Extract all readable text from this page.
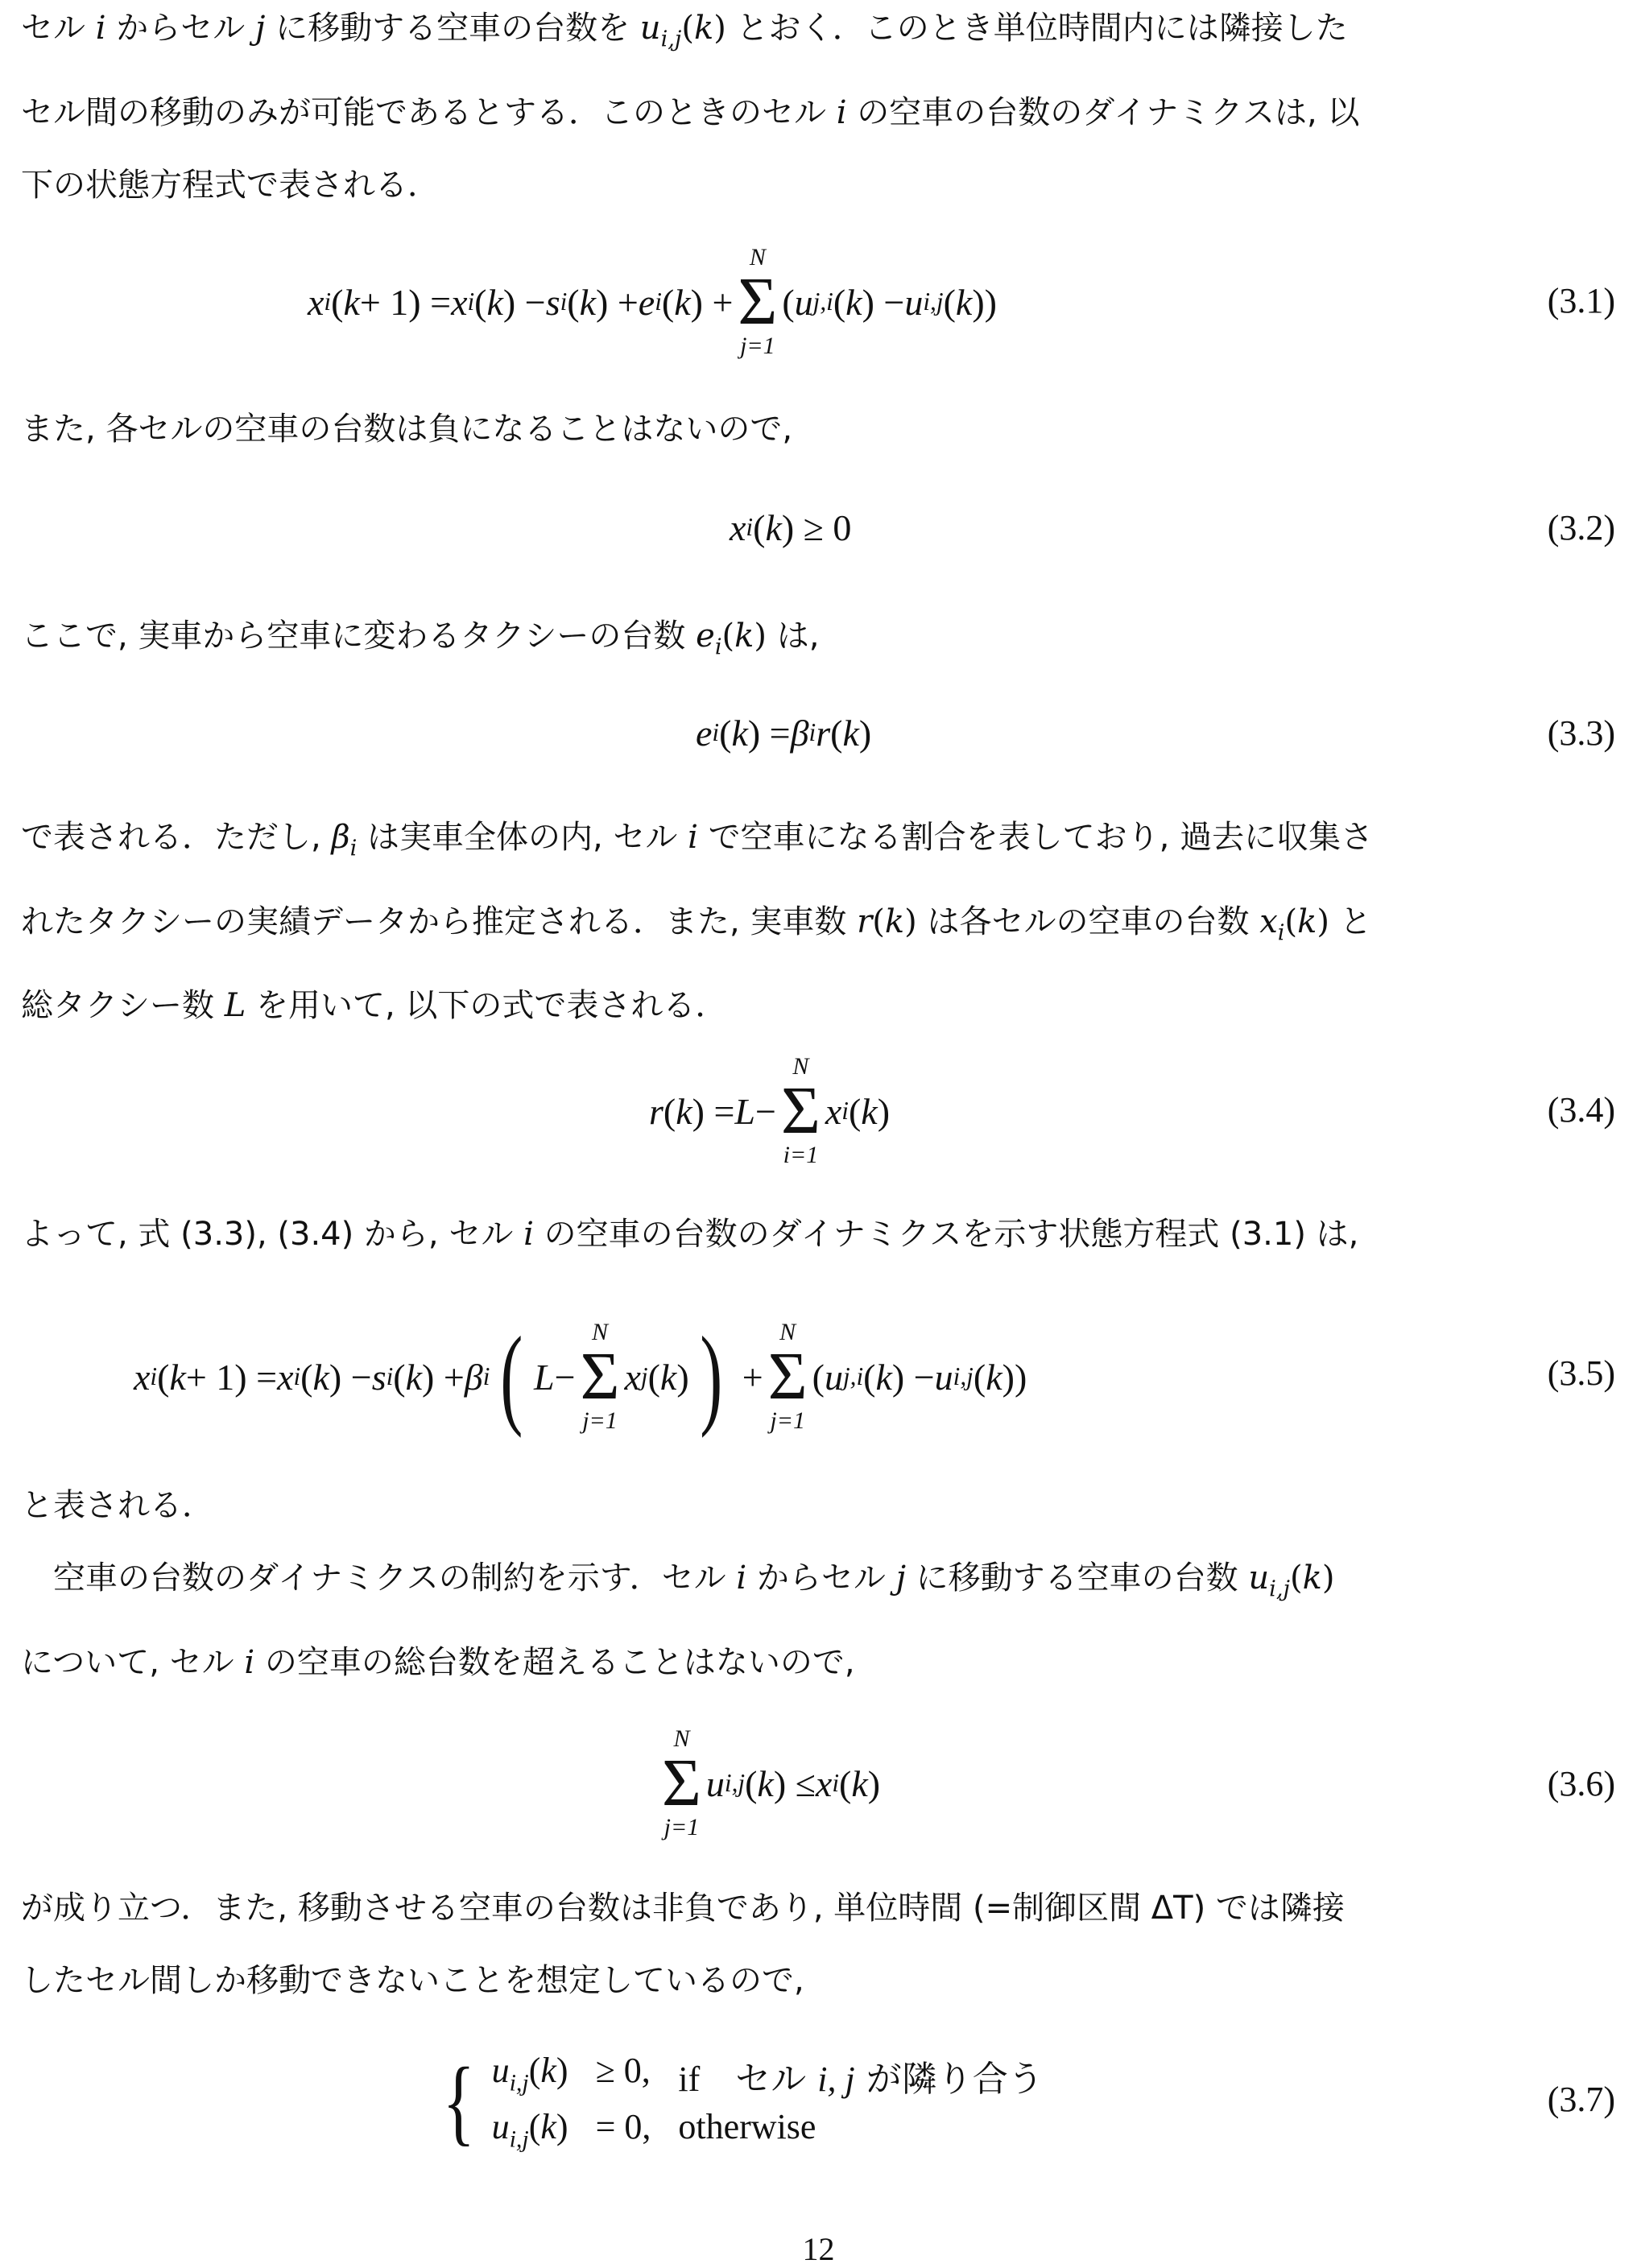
セル i からセル j に移動する空車の台数を $u_{i,j}(k)$ とおく．このとき単位時間内には隣接した
セル間の移動のみが可能であるとする．このときのセル i の空車の台数のダイナミクスは, 以
下の状態方程式で表される．

x i ( k + 1) = x i ( k ) − s i ( k ) + e i ( k ) +
N
Σ
j=1
( u j,i ( k ) − u i,j ( k ))	(3.1)

また, 各セルの空車の台数は負になることはないので,

x i ( k ) ≥ 0	(3.2)

ここで, 実車から空車に変わるタクシーの台数 $e_i(k)$ は,

e i ( k ) = β i r ( k )	(3.3)

で表される．ただし, $\beta_i$ は実車全体の内, セル i で空車になる割合を表しており, 過去に収集さ
れたタクシーの実績データから推定される．また, 実車数 r(k) は各セルの空車の台数 $x_i(k)$ と
総タクシー数 L を用いて, 以下の式で表される．

r ( k ) = L −
N
Σ
i=1
x i ( k )	(3.4)

よって, 式 (3.3), (3.4) から, セル i の空車の台数のダイナミクスを示す状態方程式 (3.1) は,

x i ( k + 1) = x i ( k ) − s i ( k ) + β i ( L −
N
Σ
j=1
x j ( k ) ) +
N
Σ
j=1
( u j,i ( k ) − u i,j ( k ))	(3.5)

と表される．

　空車の台数のダイナミクスの制約を示す．セル i からセル j に移動する空車の台数 $u_{i,j}(k)$
について, セル i の空車の総台数を超えることはないので,

N
Σ
j=1
u i,j ( k ) ≤ x i ( k )	(3.6)

が成り立つ．また, 移動させる空車の台数は非負であり, 単位時間 (=制御区間 ΔT) では隣接
したセル間しか移動できないことを想定しているので,

{ $u_{i,j}(k) \ge 0$, if　セル i, j が隣り合う
$u_{i,j}(k) = 0$, otherwise
(3.7)
12
